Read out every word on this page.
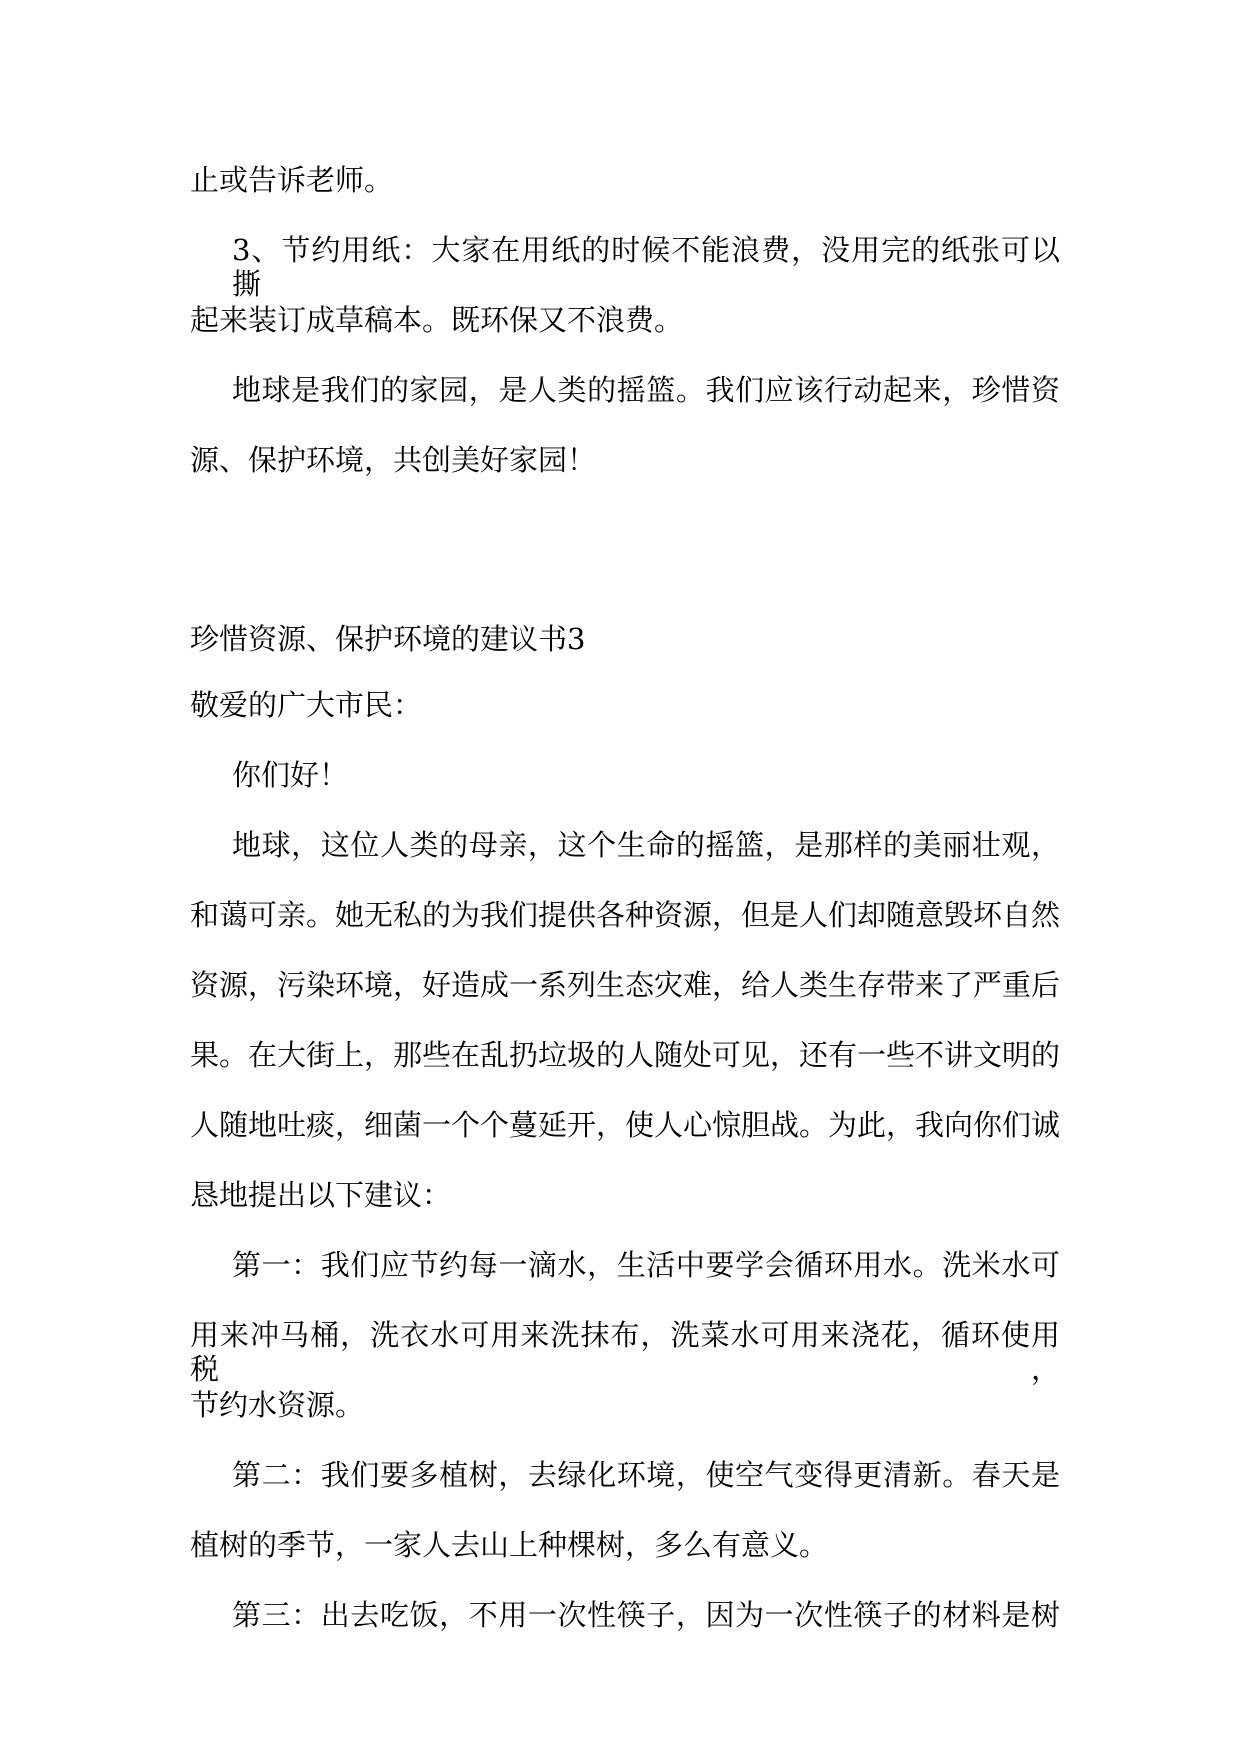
止或告诉老师。
3、节约用纸：大家在用纸的时候不能浪费，没用完的纸张可以撕
起来装订成草稿本。既环保又不浪费。
地球是我们的家园，是人类的摇篮。我们应该行动起来，珍惜资
源、保护环境，共创美好家园！
珍惜资源、保护环境的建议书3
敬爱的广大市民：
你们好！
地球，这位人类的母亲，这个生命的摇篮，是那样的美丽壮观，
和蔼可亲。她无私的为我们提供各种资源，但是人们却随意毁坏自然
资源，污染环境，好造成一系列生态灾难，给人类生存带来了严重后
果。在大街上，那些在乱扔垃圾的人随处可见，还有一些不讲文明的
人随地吐痰，细菌一个个蔓延开，使人心惊胆战。为此，我向你们诚
恳地提出以下建议：
第一：我们应节约每一滴水，生活中要学会循环用水。洗米水可
用来冲马桶，洗衣水可用来洗抹布，洗菜水可用来浇花，循环使用税，
节约水资源。
第二：我们要多植树，去绿化环境，使空气变得更清新。春天是
植树的季节，一家人去山上种棵树，多么有意义。
第三：出去吃饭，不用一次性筷子，因为一次性筷子的材料是树
